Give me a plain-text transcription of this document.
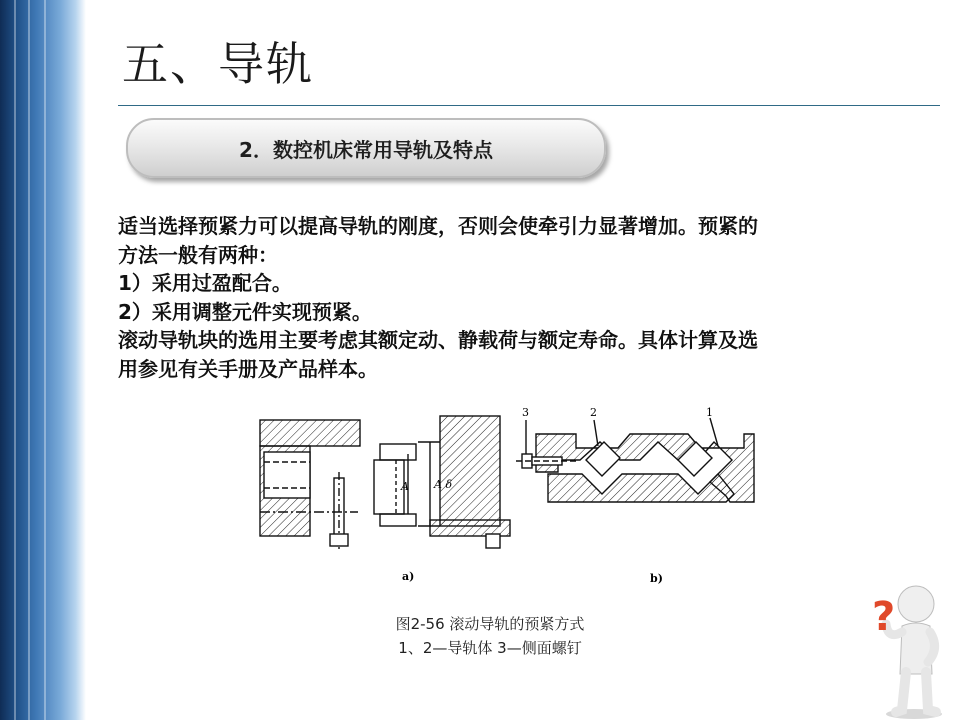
五、导轨
2．数控机床常用导轨及特点
适当选择预紧力可以提高导轨的刚度，否则会使牵引力显著增加。预紧的
方法一般有两种：
1）采用过盈配合。
2）采用调整元件实现预紧。
滚动导轨块的选用主要考虑其额定动、静载荷与额定寿命。具体计算及选
用参见有关手册及产品样本。
A A δ
3	2	1
a)	b)
图2-56 滚动导轨的预紧方式
1、2—导轨体 3—侧面螺钉
?
